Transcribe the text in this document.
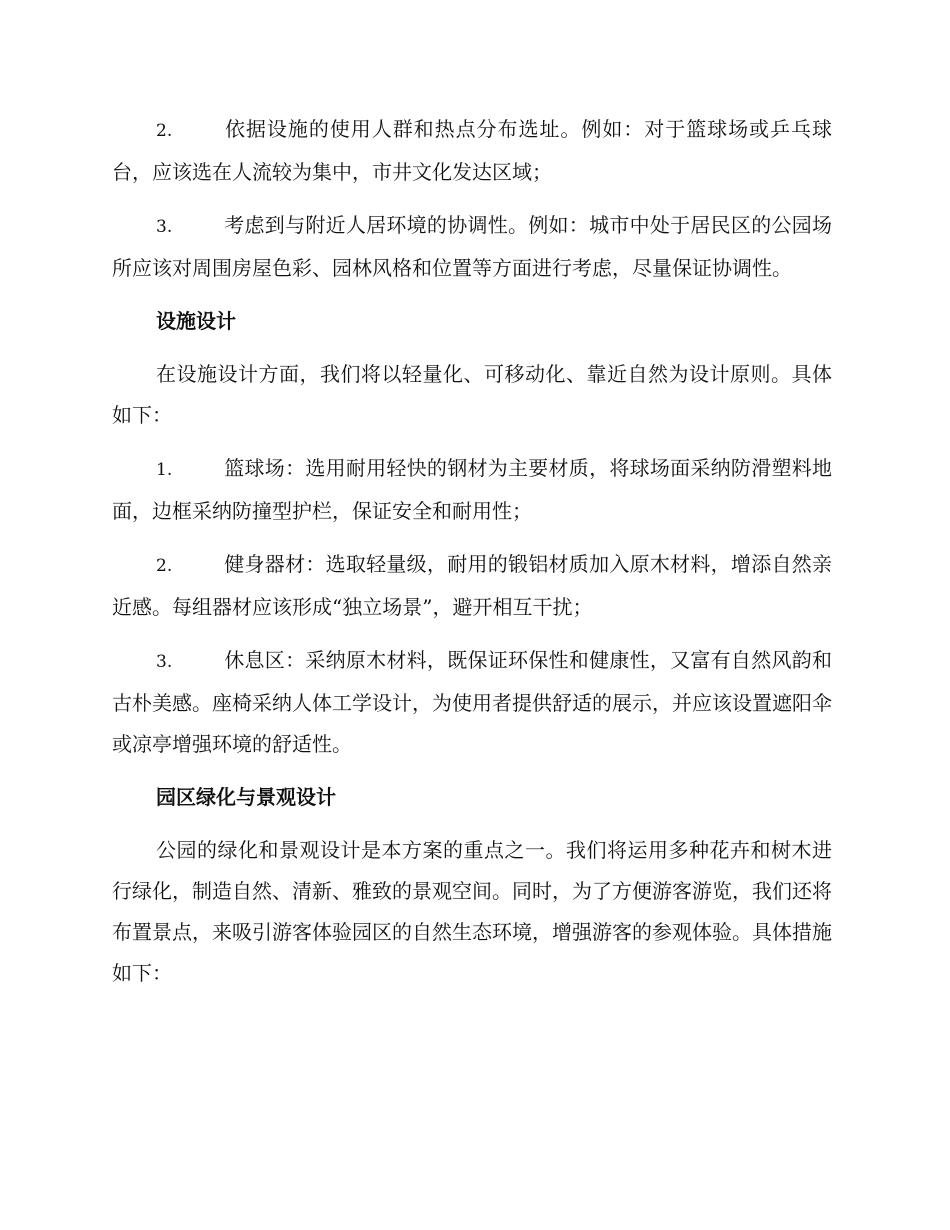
2.	依据设施的使用人群和热点分布选址。例如：对于篮球场或乒乓球台，应该选在人流较为集中，市井文化发达区域；

3.	考虑到与附近人居环境的协调性。例如：城市中处于居民区的公园场所应该对周围房屋色彩、园林风格和位置等方面进行考虑，尽量保证协调性。

设施设计

在设施设计方面，我们将以轻量化、可移动化、靠近自然为设计原则。具体如下：

1.	篮球场：选用耐用轻快的钢材为主要材质，将球场面采纳防滑塑料地面，边框采纳防撞型护栏，保证安全和耐用性；

2.	健身器材：选取轻量级，耐用的锻铝材质加入原木材料，增添自然亲近感。每组器材应该形成“独立场景”，避开相互干扰；

3.	休息区：采纳原木材料，既保证环保性和健康性，又富有自然风韵和古朴美感。座椅采纳人体工学设计，为使用者提供舒适的展示，并应该设置遮阳伞或凉亭增强环境的舒适性。

园区绿化与景观设计

公园的绿化和景观设计是本方案的重点之一。我们将运用多种花卉和树木进行绿化，制造自然、清新、雅致的景观空间。同时，为了方便游客游览，我们还将布置景点，来吸引游客体验园区的自然生态环境，增强游客的参观体验。具体措施如下：
